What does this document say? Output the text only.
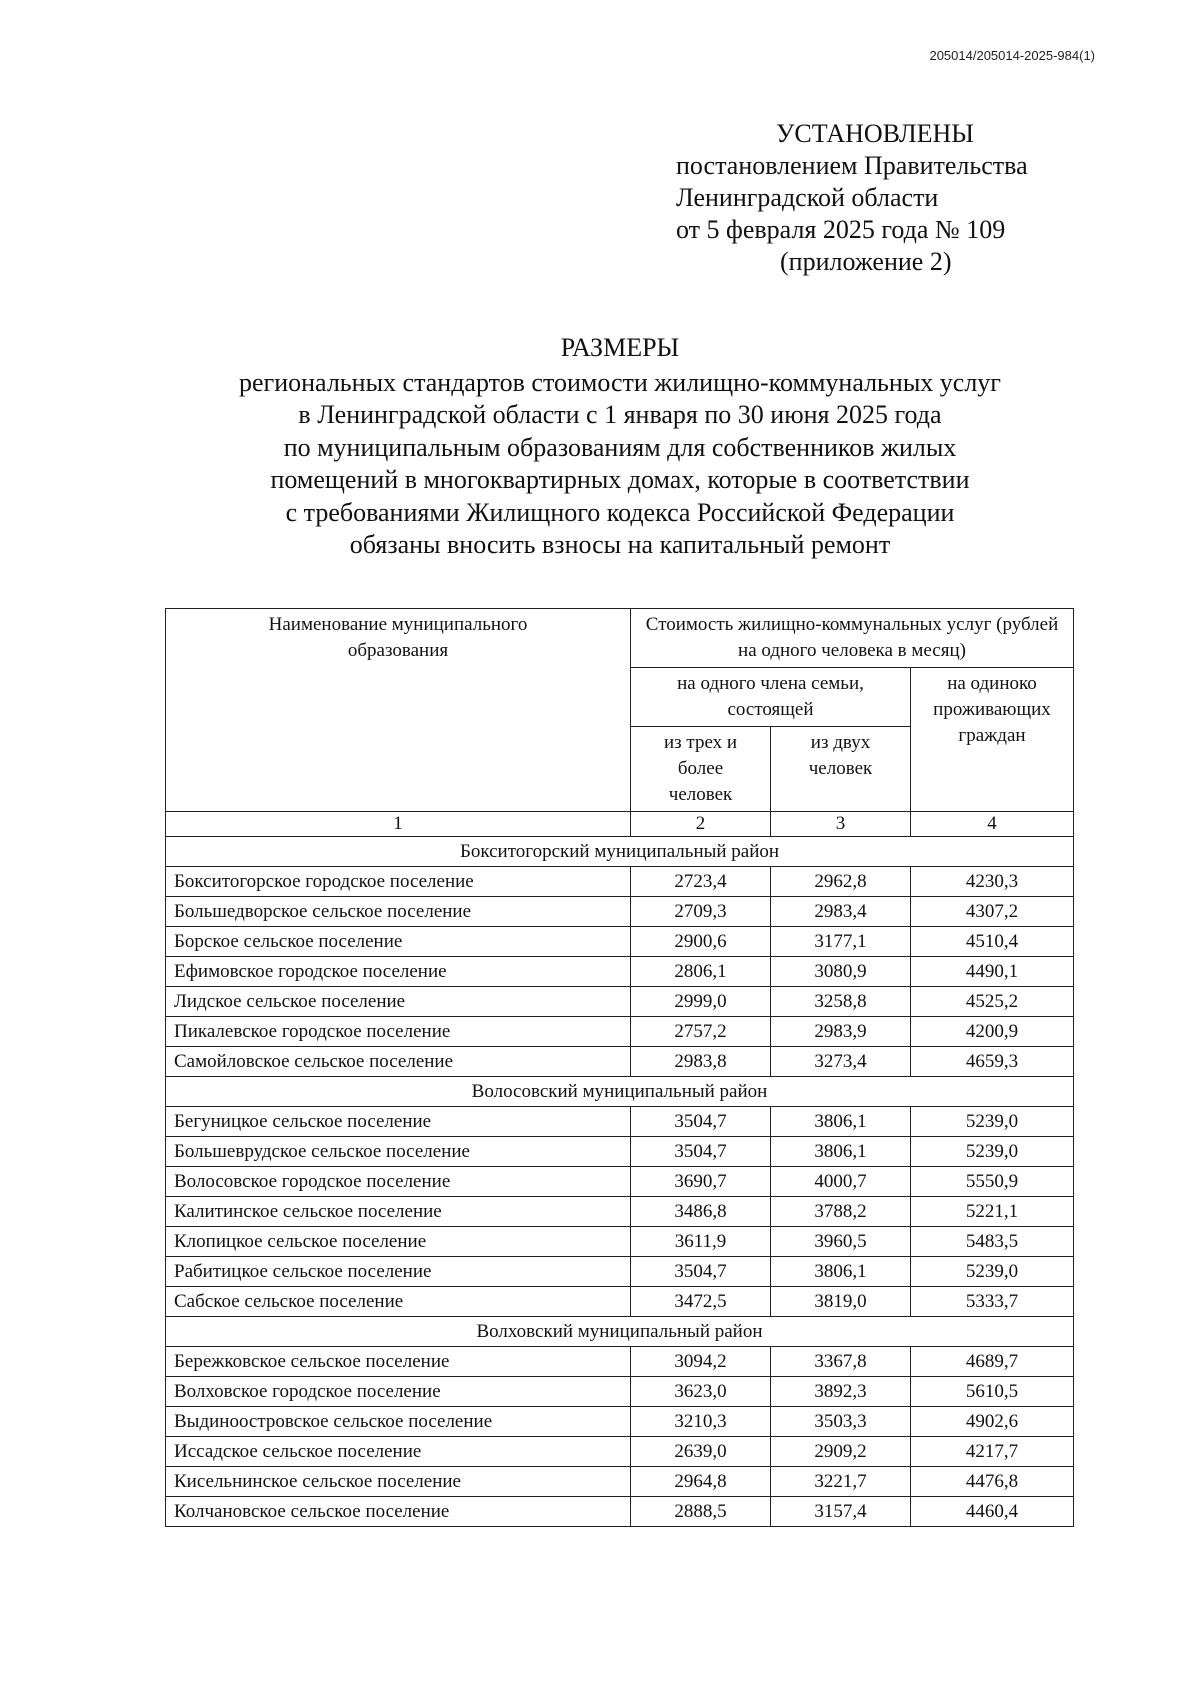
205014/205014-2025-984(1)
УСТАНОВЛЕНЫ
постановлением Правительства
Ленинградской области
от 5 февраля 2025 года № 109
(приложение 2)
РАЗМЕРЫ
региональных стандартов стоимости жилищно-коммунальных услуг
в Ленинградской области с 1 января по 30 июня 2025 года
по муниципальным образованиям для собственников жилых
помещений в многоквартирных домах, которые в соответствии
с требованиями Жилищного кодекса Российской Федерации
обязаны вносить взносы на капитальный ремонт
Наименование муниципального образования	Стоимость жилищно-коммунальных услуг (рублей на одного человека в месяц)		

	на одного члена семьи, состоящей		на одиноко проживающих граждан

	из трех и более человек	из двух человек	

1	2	3	4
Бокситогорский муниципальный район			
Бокситогорское городское поселение	2723,4	2962,8	4230,3
Большедворское сельское поселение	2709,3	2983,4	4307,2
Борское сельское поселение	2900,6	3177,1	4510,4
Ефимовское городское поселение	2806,1	3080,9	4490,1
Лидское сельское поселение	2999,0	3258,8	4525,2
Пикалевское городское поселение	2757,2	2983,9	4200,9
Самойловское сельское поселение	2983,8	3273,4	4659,3
Волосовский муниципальный район			
Бегуницкое сельское поселение	3504,7	3806,1	5239,0
Большеврудское сельское поселение	3504,7	3806,1	5239,0
Волосовское городское поселение	3690,7	4000,7	5550,9
Калитинское сельское поселение	3486,8	3788,2	5221,1
Клопицкое сельское поселение	3611,9	3960,5	5483,5
Рабитицкое сельское поселение	3504,7	3806,1	5239,0
Сабское сельское поселение	3472,5	3819,0	5333,7
Волховский муниципальный район			
Бережковское сельское поселение	3094,2	3367,8	4689,7
Волховское городское поселение	3623,0	3892,3	5610,5
Выдиноостровское сельское поселение	3210,3	3503,3	4902,6
Иссадское сельское поселение	2639,0	2909,2	4217,7
Кисельнинское сельское поселение	2964,8	3221,7	4476,8
Колчановское сельское поселение	2888,5	3157,4	4460,4
